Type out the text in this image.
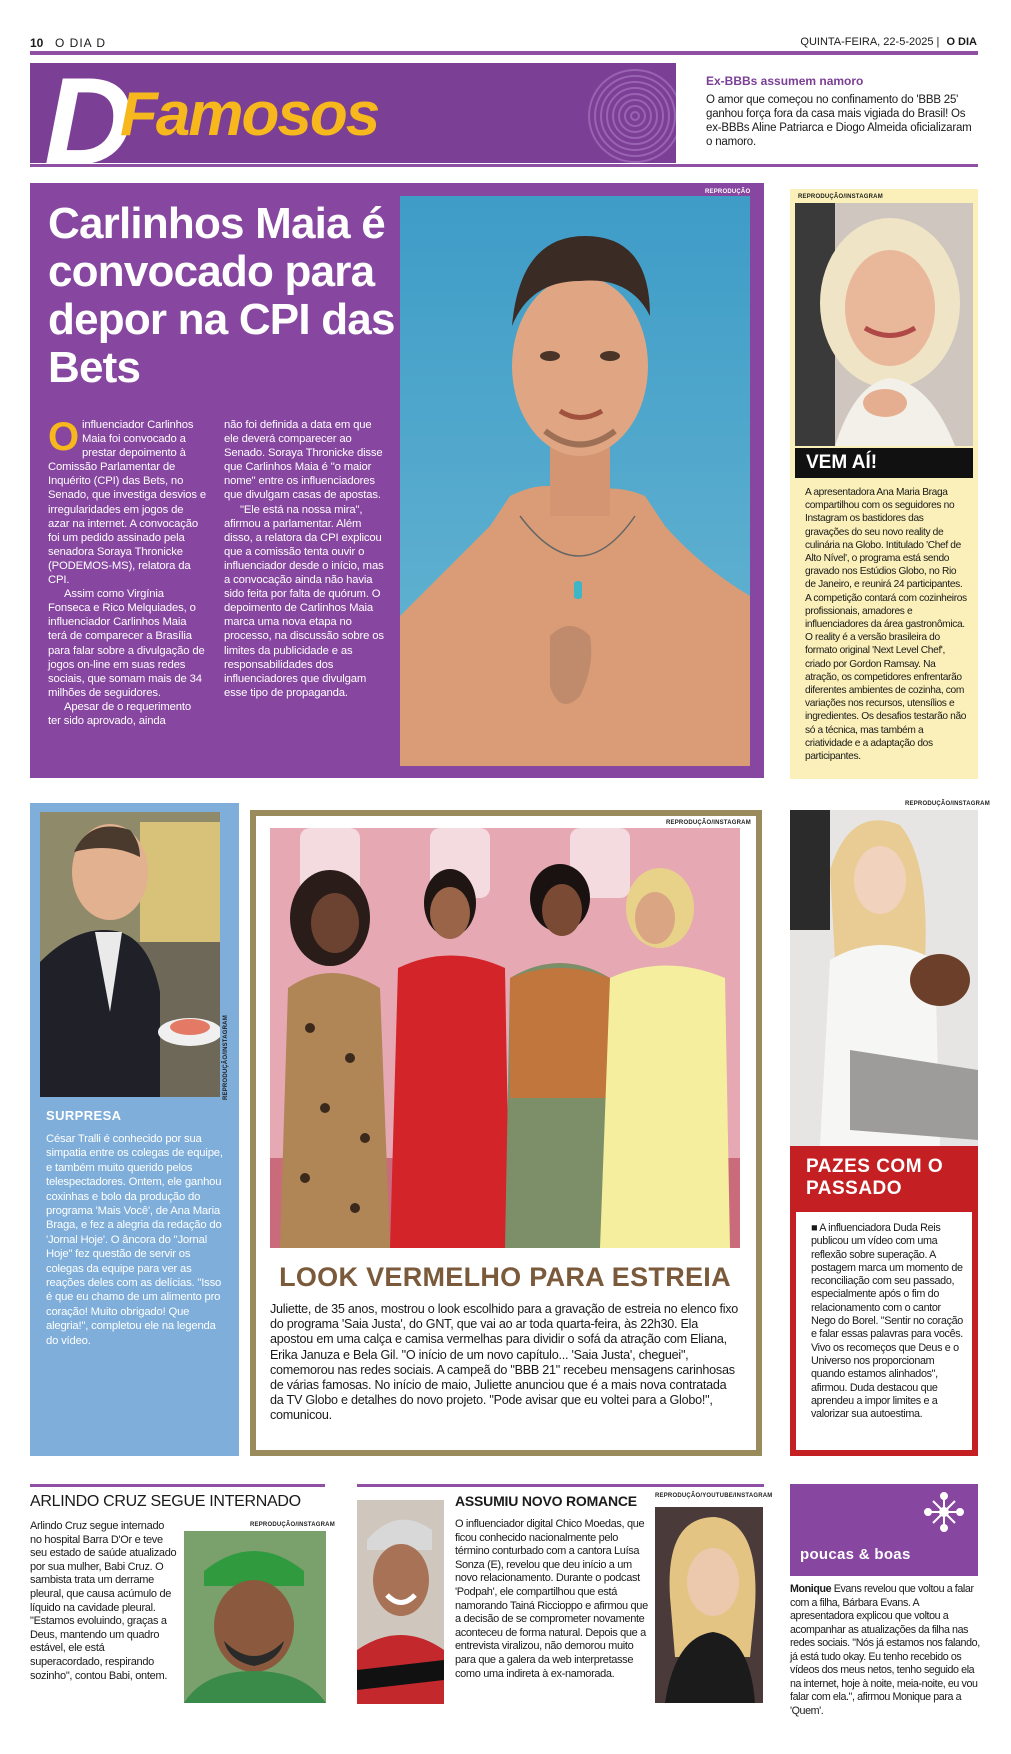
10 O DIA D	QUINTA-FEIRA, 22-5-2025 | O DIA
D
Famosos	Ex-BBBs assumem namoro
O amor que começou no confinamento do 'BBB 25' ganhou força fora da casa mais vigiada do Brasil! Os ex-BBBs Aline Patriarca e Diogo Almeida oficializaram o namoro.
Carlinhos Maia é convocado para depor na CPI das Bets
O influenciador Carlinhos Maia foi convocado a prestar depoimento à Comissão Parlamentar de Inquérito (CPI) das Bets, no Senado, que investiga desvios e irregularidades em jogos de azar na internet. A convocação foi um pedido assinado pela senadora Soraya Thronicke (PODEMOS-MS), relatora da CPI.

Assim como Virgínia Fonseca e Rico Melquiades, o influenciador Carlinhos Maia terá de comparecer a Brasília para falar sobre a divulgação de jogos on-line em suas redes sociais, que somam mais de 34 milhões de seguidores.

Apesar de o requerimento ter sido aprovado, ainda

não foi definida a data em que ele deverá comparecer ao Senado. Soraya Thronicke disse que Carlinhos Maia é "o maior nome" entre os influenciadores que divulgam casas de apostas.

"Ele está na nossa mira", afirmou a parlamentar. Além disso, a relatora da CPI explicou que a comissão tenta ouvir o influenciador desde o início, mas a convocação ainda não havia sido feita por falta de quórum. O depoimento de Carlinhos Maia marca uma nova etapa no processo, na discussão sobre os limites da publicidade e as responsabilidades dos influenciadores que divulgam esse tipo de propaganda.

REPRODUÇÃO
REPRODUÇÃO/INSTAGRAM
VEM AÍ!
A apresentadora Ana Maria Braga compartilhou com os seguidores no Instagram os bastidores das gravações do seu novo reality de culinária na Globo. Intitulado 'Chef de Alto Nível', o programa está sendo gravado nos Estúdios Globo, no Rio de Janeiro, e reunirá 24 participantes. A competição contará com cozinheiros profissionais, amadores e influenciadores da área gastronômica. O reality é a versão brasileira do formato original 'Next Level Chef', criado por Gordon Ramsay. Na atração, os competidores enfrentarão diferentes ambientes de cozinha, com variações nos recursos, utensílios e ingredientes. Os desafios testarão não só a técnica, mas também a criatividade e a adaptação dos participantes.
REPRODUÇÃO/INSTAGRAM
SURPRESA
César Tralli é conhecido por sua simpatia entre os colegas de equipe, e também muito querido pelos telespectadores. Ontem, ele ganhou coxinhas e bolo da produção do programa 'Mais Você', de Ana Maria Braga, e fez a alegria da redação do 'Jornal Hoje'. O âncora do "Jornal Hoje" fez questão de servir os colegas da equipe para ver as reações deles com as delícias. "Isso é que eu chamo de um alimento pro coração! Muito obrigado! Que alegria!", completou ele na legenda do vídeo.
REPRODUÇÃO/INSTAGRAM
LOOK VERMELHO PARA ESTREIA
Juliette, de 35 anos, mostrou o look escolhido para a gravação de estreia no elenco fixo do programa 'Saia Justa', do GNT, que vai ao ar toda quarta-feira, às 22h30. Ela apostou em uma calça e camisa vermelhas para dividir o sofá da atração com Eliana, Erika Januza e Bela Gil. "O início de um novo capítulo... 'Saia Justa', cheguei", comemorou nas redes sociais. A campeã do "BBB 21" recebeu mensagens carinhosas de várias famosas. No início de maio, Juliette anunciou que é a mais nova contratada da TV Globo e detalhes do novo projeto. "Pode avisar que eu voltei para a Globo!", comunicou.
REPRODUÇÃO/INSTAGRAM
PAZES COM O PASSADO
■ A influenciadora Duda Reis publicou um vídeo com uma reflexão sobre superação. A postagem marca um momento de reconciliação com seu passado, especialmente após o fim do relacionamento com o cantor Nego do Borel. "Sentir no coração e falar essas palavras para vocês. Vivo os recomeços que Deus e o Universo nos proporcionam quando estamos alinhados", afirmou. Duda destacou que aprendeu a impor limites e a valorizar sua autoestima.
ARLINDO CRUZ SEGUE INTERNADO
Arlindo Cruz segue internado no hospital Barra D'Or e teve seu estado de saúde atualizado por sua mulher, Babi Cruz. O sambista trata um derrame pleural, que causa acúmulo de líquido na cavidade pleural. "Estamos evoluindo, graças a Deus, mantendo um quadro estável, ele está superacordado, respirando sozinho", contou Babi, ontem.
REPRODUÇÃO/INSTAGRAM
ASSUMIU NOVO ROMANCE
O influenciador digital Chico Moedas, que ficou conhecido nacionalmente pelo término conturbado com a cantora Luísa Sonza (E), revelou que deu início a um novo relacionamento. Durante o podcast 'Podpah', ele compartilhou que está namorando Tainá Riccioppo e afirmou que a decisão de se comprometer novamente aconteceu de forma natural. Depois que a entrevista viralizou, não demorou muito para que a galera da web interpretasse como uma indireta à ex-namorada.
REPRODUÇÃO/YOUTUBE/INSTAGRAM
poucas & boas
Monique Evans revelou que voltou a falar com a filha, Bárbara Evans. A apresentadora explicou que voltou a acompanhar as atualizações da filha nas redes sociais. "Nós já estamos nos falando, já está tudo okay. Eu tenho recebido os vídeos dos meus netos, tenho seguido ela na internet, hoje à noite, meia-noite, eu vou falar com ela.", afirmou Monique para a 'Quem'.
